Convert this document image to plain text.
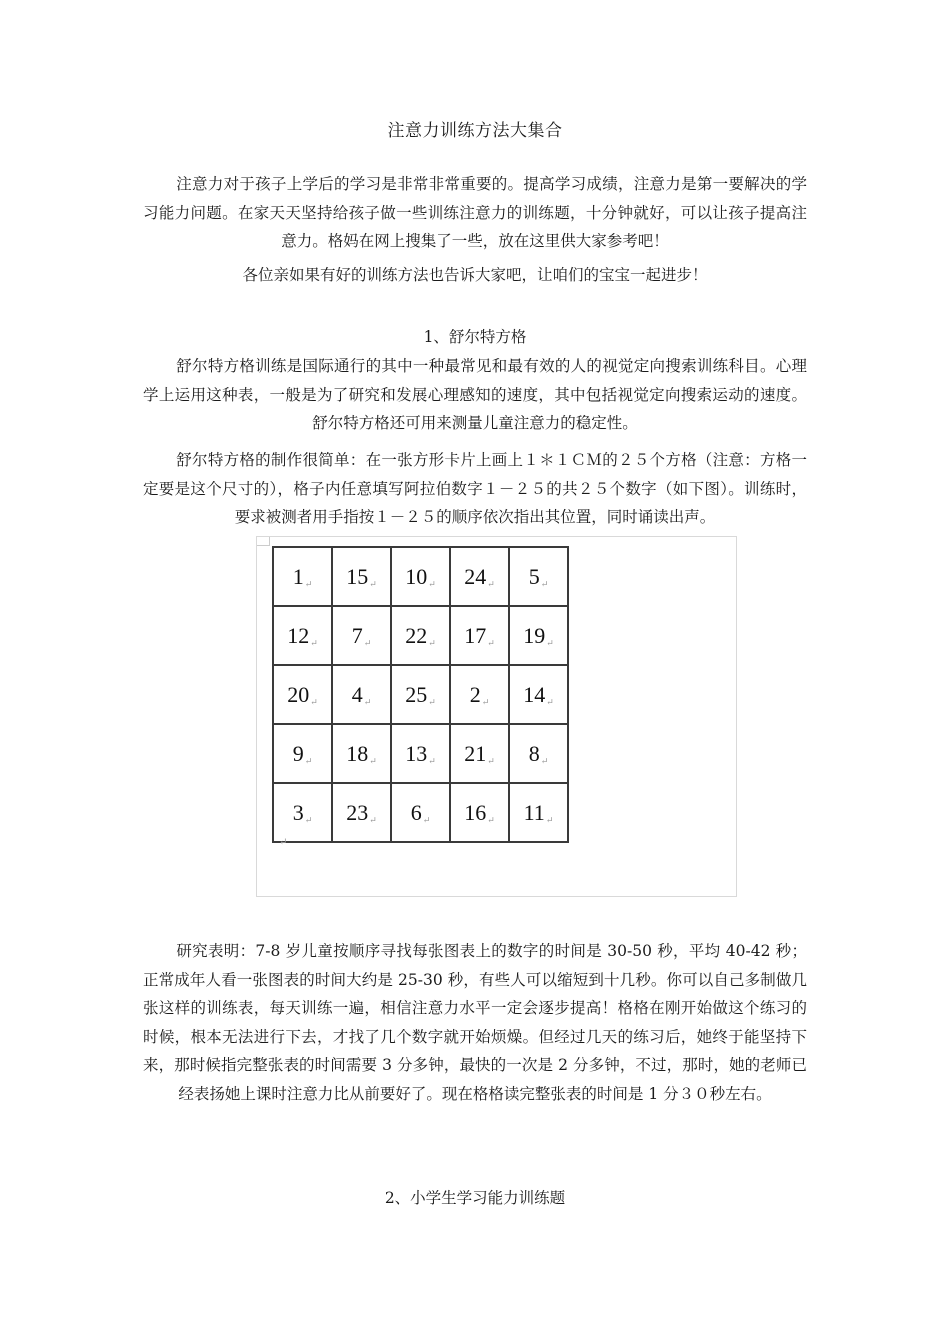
注意力训练方法大集合

注意力对于孩子上学后的学习是非常非常重要的。提高学习成绩，注意力是第一要解决的学习能力问题。在家天天坚持给孩子做一些训练注意力的训练题，十分钟就好，可以让孩子提高注意力。格妈在网上搜集了一些，放在这里供大家参考吧！

各位亲如果有好的训练方法也告诉大家吧，让咱们的宝宝一起进步！

1、舒尔特方格

舒尔特方格训练是国际通行的其中一种最常见和最有效的人的视觉定向搜索训练科目。心理学上运用这种表，一般是为了研究和发展心理感知的速度，其中包括视觉定向搜索运动的速度。舒尔特方格还可用来测量儿童注意力的稳定性。

舒尔特方格的制作很简单：在一张方形卡片上画上１＊１ＣＭ的２５个方格（注意：方格一定要是这个尺寸的），格子内任意填写阿拉伯数字１－２５的共２５个数字（如下图）。训练时，要求被测者用手指按１－２５的顺序依次指出其位置，同时诵读出声。

1↵	15↵	10↵	24↵	5↵
12↵	7↵	22↵	17↵	19↵
20↵	4↵	25↵	2↵	14↵
9↵	18↵	13↵	21↵	8↵
3↵	23↵	6↵	16↵	11↵
↵

研究表明：7-8 岁儿童按顺序寻找每张图表上的数字的时间是 30-50 秒，平均 40-42 秒；正常成年人看一张图表的时间大约是 25-30 秒，有些人可以缩短到十几秒。你可以自己多制做几张这样的训练表，每天训练一遍，相信注意力水平一定会逐步提高！格格在刚开始做这个练习的时候，根本无法进行下去，才找了几个数字就开始烦燥。但经过几天的练习后，她终于能坚持下来，那时候指完整张表的时间需要 3 分多钟，最快的一次是 2 分多钟，不过，那时，她的老师已经表扬她上课时注意力比从前要好了。现在格格读完整张表的时间是 1 分３０秒左右。

2、小学生学习能力训练题
